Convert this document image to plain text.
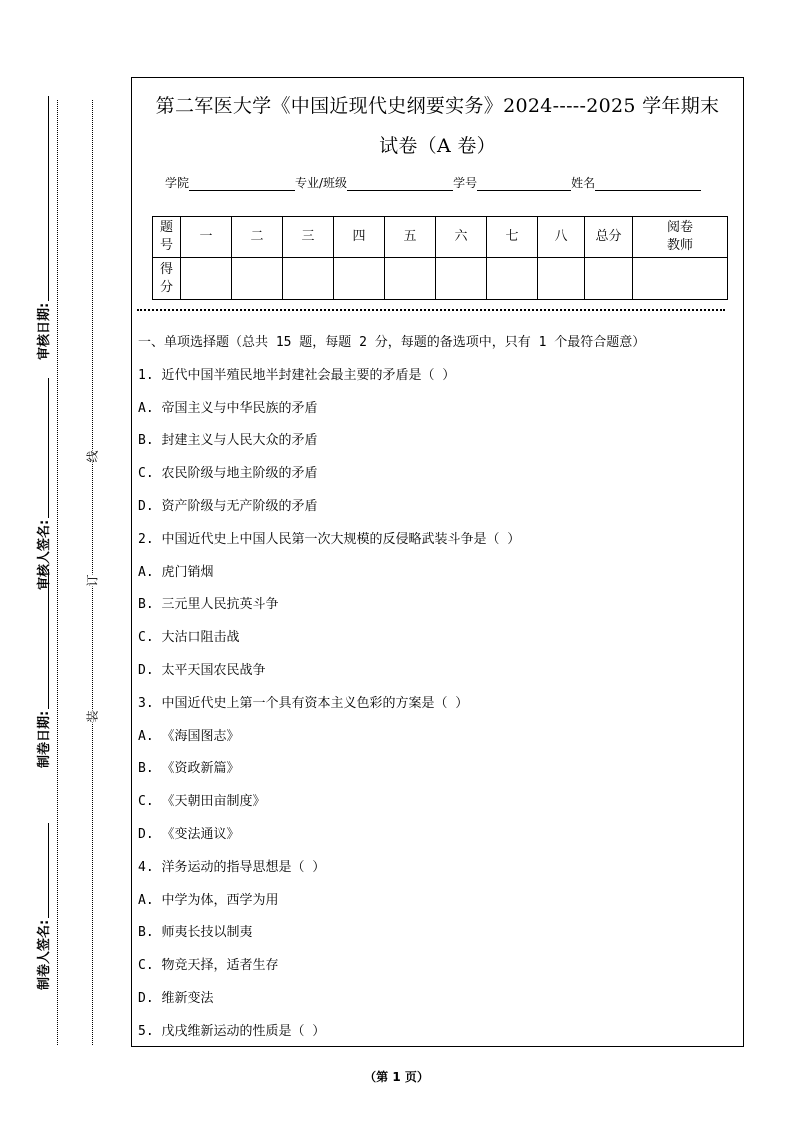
审核日期:
审核人签名:
制卷日期:
制卷人签名:
线
订
装
第二军医大学《中国近现代史纲要实务》2024-----2025 学年期末
试卷（A 卷）
学院	专业/班级	学号	姓名
题
号	一	二	三	四	五	六	七	八	总分	阅卷
教师
得
分										
一、单项选择题（总共 15 题，每题 2 分，每题的备选项中，只有 1 个最符合题意）
1. 近代中国半殖民地半封建社会最主要的矛盾是（ ）
A. 帝国主义与中华民族的矛盾
B. 封建主义与人民大众的矛盾
C. 农民阶级与地主阶级的矛盾
D. 资产阶级与无产阶级的矛盾
2. 中国近代史上中国人民第一次大规模的反侵略武装斗争是（ ）
A. 虎门销烟
B. 三元里人民抗英斗争
C. 大沽口阻击战
D. 太平天国农民战争
3. 中国近代史上第一个具有资本主义色彩的方案是（ ）
A. 《海国图志》
B. 《资政新篇》
C. 《天朝田亩制度》
D. 《变法通议》
4. 洋务运动的指导思想是（ ）
A. 中学为体，西学为用
B. 师夷长技以制夷
C. 物竞天择，适者生存
D. 维新变法
5. 戊戌维新运动的性质是（ ）
（第 1 页）
